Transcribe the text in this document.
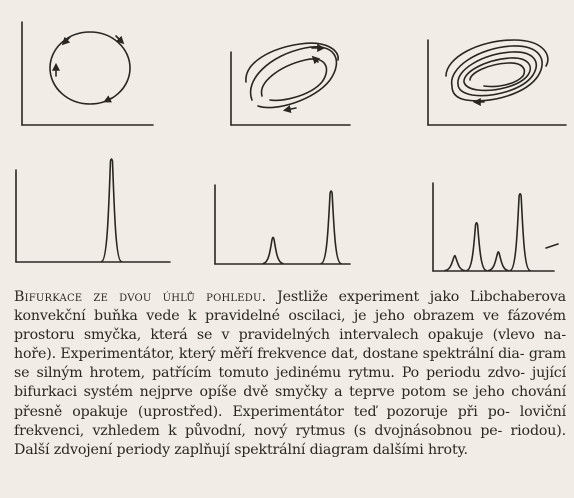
Bifurkace ze dvou úhlů pohledu. Jestliže experiment jako Libchaberova konvekční buňka vede k pravidelné oscilaci, je jeho obrazem ve fázovém prostoru smyčka, která se v pravidelných intervalech opakuje (vlevo na- hoře). Experimentátor, který měří frekvence dat, dostane spektrální dia- gram se silným hrotem, patřícím tomuto jedinému rytmu. Po periodu zdvo- jující bifurkaci systém nejprve opíše dvě smyčky a teprve potom se jeho chování přesně opakuje (uprostřed). Experimentátor teď pozoruje při po- loviční frekvenci, vzhledem k původní, nový rytmus (s dvojnásobnou pe- riodou). Další zdvojení periody zaplňují spektrální diagram dalšími hroty.
